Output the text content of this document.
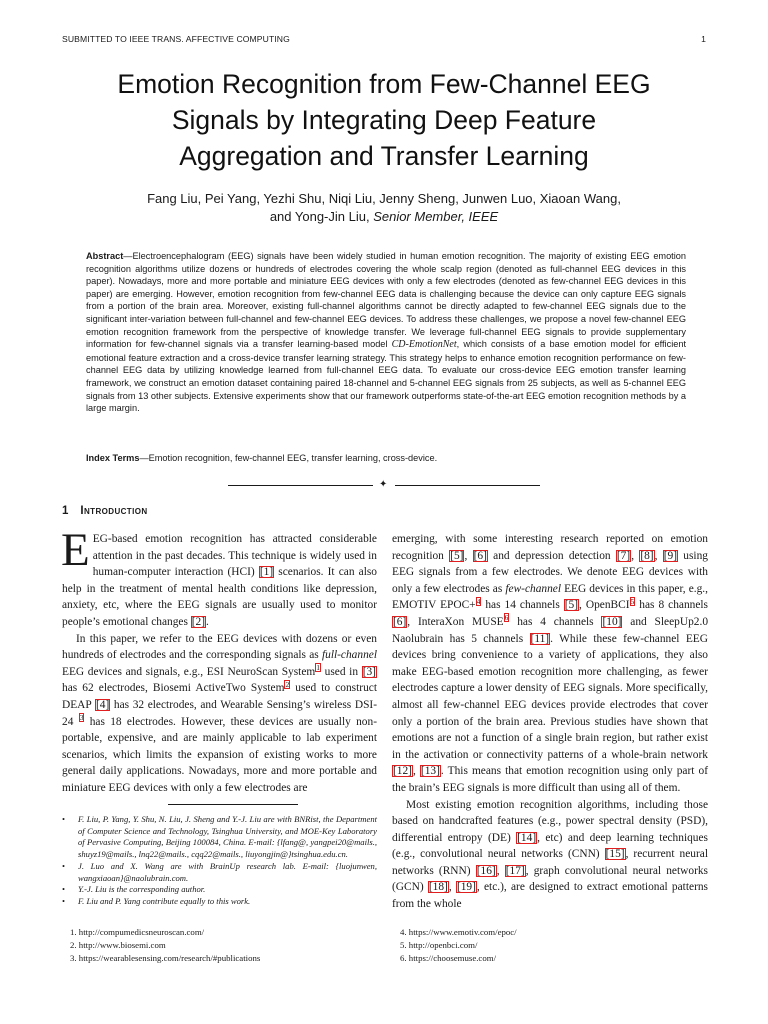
SUBMITTED TO IEEE TRANS. AFFECTIVE COMPUTING	1
Emotion Recognition from Few-Channel EEG
Signals by Integrating Deep Feature
Aggregation and Transfer Learning
Fang Liu, Pei Yang, Yezhi Shu, Niqi Liu, Jenny Sheng, Junwen Luo, Xiaoan Wang,
and Yong-Jin Liu, Senior Member, IEEE
Abstract—Electroencephalogram (EEG) signals have been widely studied in human emotion recognition. The majority of existing EEG emotion recognition algorithms utilize dozens or hundreds of electrodes covering the whole scalp region (denoted as full-channel EEG devices in this paper). Nowadays, more and more portable and miniature EEG devices with only a few electrodes (denoted as few-channel EEG devices in this paper) are emerging. However, emotion recognition from few-channel EEG data is challenging because the device can only capture EEG signals from a portion of the brain area. Moreover, existing full-channel algorithms cannot be directly adapted to few-channel EEG signals due to the significant inter-variation between full-channel and few-channel EEG devices. To address these challenges, we propose a novel few-channel EEG emotion recognition framework from the perspective of knowledge transfer. We leverage full-channel EEG signals to provide supplementary information for few-channel signals via a transfer learning-based model CD-EmotionNet, which consists of a base emotion model for efficient emotional feature extraction and a cross-device transfer learning strategy. This strategy helps to enhance emotion recognition performance on few-channel EEG data by utilizing knowledge learned from full-channel EEG data. To evaluate our cross-device EEG emotion transfer learning framework, we construct an emotion dataset containing paired 18-channel and 5-channel EEG signals from 25 subjects, as well as 5-channel EEG signals from 13 other subjects. Extensive experiments show that our framework outperforms state-of-the-art EEG emotion recognition methods by a large margin.
Index Terms—Emotion recognition, few-channel EEG, transfer learning, cross-device.
✦
1 Introduction

EEG-based emotion recognition has attracted considerable attention in the past decades. This technique is widely used in human-computer interaction (HCI) [1] scenarios. It can also help in the treatment of mental health conditions like depression, anxiety, etc, where the EEG signals are usually used to monitor people’s emotional changes [2].

In this paper, we refer to the EEG devices with dozens or even hundreds of electrodes and the corresponding signals as full-channel EEG devices and signals, e.g., ESI NeuroScan System$^1$ used in [3] has 62 electrodes, Biosemi ActiveTwo System$^2$ used to construct DEAP [4] has 32 electrodes, and Wearable Sensing’s wireless DSI-24 $^3$ has 18 electrodes. However, these devices are usually non-portable, expensive, and are mainly applicable to lab experiment scenarios, which limits the expansion of existing works to more general daily applications. Nowadays, more and more portable and miniature EEG devices with only a few electrodes are

emerging, with some interesting research reported on emotion recognition [5], [6] and depression detection [7], [8], [9] using EEG signals from a few electrodes. We denote EEG devices with only a few electrodes as few-channel EEG devices in this paper, e.g., EMOTIV EPOC+$^4$ has 14 channels [5], OpenBCI$^5$ has 8 channels [6], InteraXon MUSE$^6$ has 4 channels [10] and SleepUp2.0 Naolubrain has 5 channels [11]. While these few-channel EEG devices bring convenience to a variety of applications, they also make EEG-based emotion recognition more challenging, as fewer electrodes capture a lower density of EEG signals. More specifically, almost all few-channel EEG devices provide electrodes that cover only a portion of the brain area. Previous studies have shown that emotions are not a function of a single brain region, but rather exist in the activation or connectivity patterns of a whole-brain network [12], [13]. This means that emotion recognition using only part of the brain’s EEG signals is more difficult than using all of them.

Most existing emotion recognition algorithms, including those based on handcrafted features (e.g., power spectral density (PSD), differential entropy (DE) [14], etc) and deep learning techniques (e.g., convolutional neural networks (CNN) [15], recurrent neural networks (RNN) [16], [17], graph convolutional neural networks (GCN) [18], [19], etc.), are designed to extract emotional patterns from the whole

• F. Liu, P. Yang, Y. Shu, N. Liu, J. Sheng and Y.-J. Liu are with BNRist, the Department of Computer Science and Technology, Tsinghua University, and MOE-Key Laboratory of Pervasive Computing, Beijing 100084, China. E-mail: {lfang@, yangpei20@mails., shuyz19@mails., lnq22@mails., cqq22@mails., liuyongjin@}tsinghua.edu.cn.
• J. Luo and X. Wang are with BrainUp research lab. E-mail: {luojunwen, wangxiaoan}@naolubrain.com.
• Y.-J. Liu is the corresponding author.
• F. Liu and P. Yang contribute equally to this work.
1. http://compumedicsneuroscan.com/
2. http://www.biosemi.com
3. https://wearablesensing.com/research/#publications
4. https://www.emotiv.com/epoc/
5. http://openbci.com/
6. https://choosemuse.com/
